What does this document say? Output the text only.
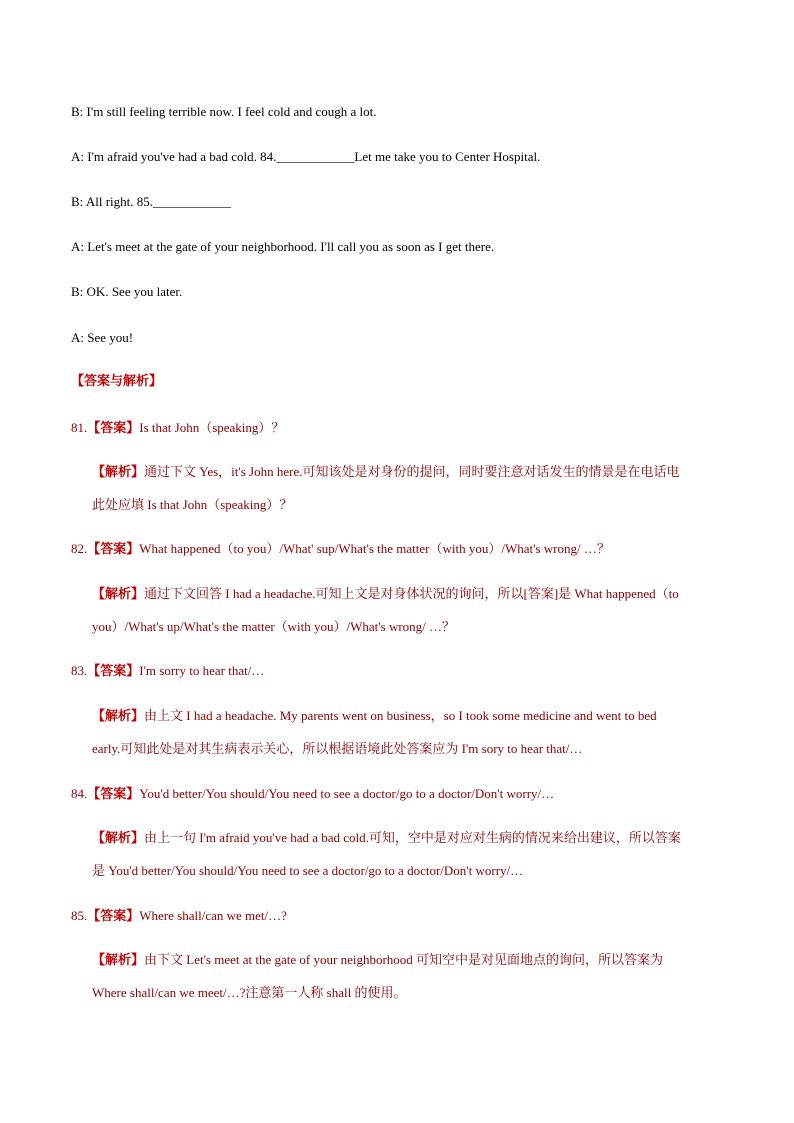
B: I'm still feeling terrible now. I feel cold and cough a lot.
A: I'm afraid you've had a bad cold. 84.____________Let me take you to Center Hospital.
B: All right. 85.____________
A: Let's meet at the gate of your neighborhood. I'll call you as soon as I get there.
B: OK. See you later.
A: See you!
【答案与解析】
81.【答案】Is that John（speaking）？
【解析】通过下文 Yes，it's John here.可知该处是对身份的提问，同时要注意对话发生的情景是在电话电
此处应填 Is that John（speaking）？
82.【答案】What happened（to you）/What' sup/What's the matter（with you）/What's wrong/ …？
【解析】通过下文回答 I had a headache.可知上文是对身体状况的询问，所以[答案]是 What happened（to
you）/What's up/What's the matter（with you）/What's wrong/ …？
83.【答案】I'm sorry to hear that/…
【解析】由上文 I had a headache. My parents went on business，so I took some medicine and went to bed
early.可知此处是对其生病表示关心，所以根据语境此处答案应为 I'm sory to hear that/…
84.【答案】You'd better/You should/You need to see a doctor/go to a doctor/Don't worry/…
【解析】由上一句 I'm afraid you've had a bad cold.可知，空中是对应对生病的情况来给出建议，所以答案
是 You'd better/You should/You need to see a doctor/go to a doctor/Don't worry/…
85.【答案】Where shall/can we met/…?
【解析】由下文 Let's meet at the gate of your neighborhood 可知空中是对见面地点的询问，所以答案为
Where shall/can we meet/…?注意第一人称 shall 的使用。
